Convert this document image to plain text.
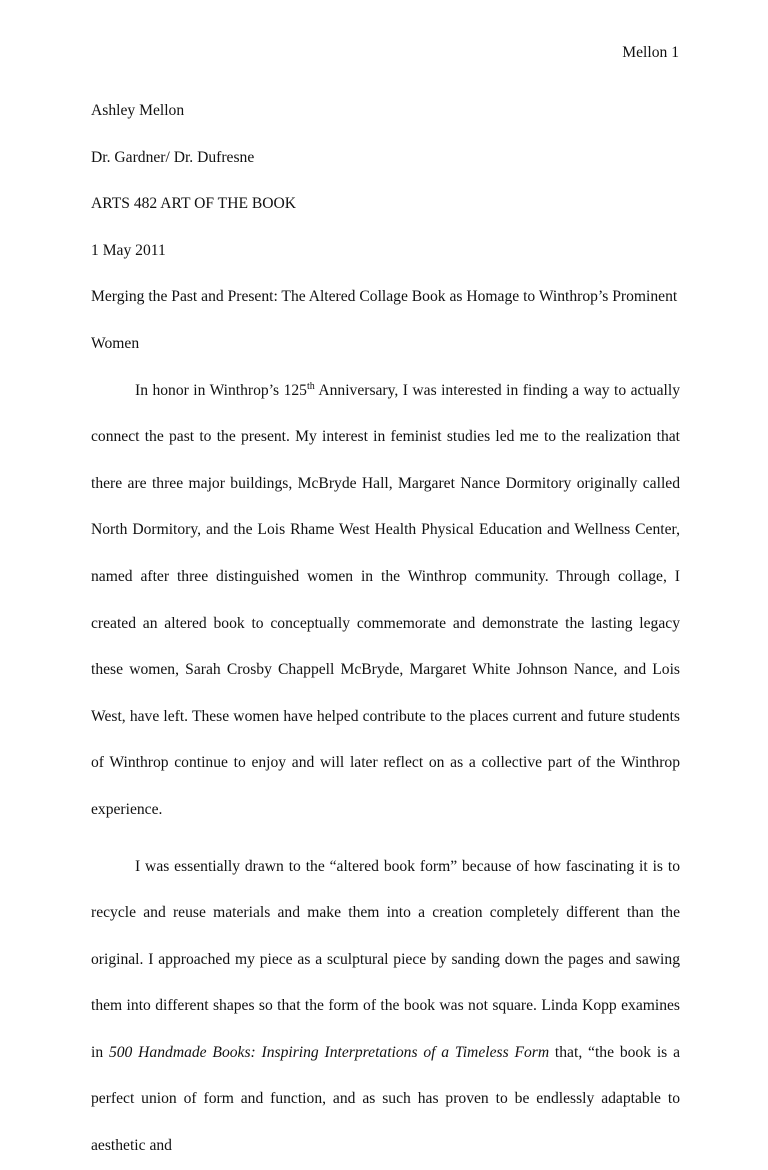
Mellon 1

Ashley Mellon

Dr. Gardner/ Dr. Dufresne

ARTS 482 ART OF THE BOOK

1 May 2011

Merging the Past and Present: The Altered Collage Book as Homage to Winthrop’s Prominent Women

In honor in Winthrop’s 125th Anniversary, I was interested in finding a way to actually connect the past to the present. My interest in feminist studies led me to the realization that there are three major buildings, McBryde Hall, Margaret Nance Dormitory originally called North Dormitory, and the Lois Rhame West Health Physical Education and Wellness Center, named after three distinguished women in the Winthrop community. Through collage, I created an altered book to conceptually commemorate and demonstrate the lasting legacy these women, Sarah Crosby Chappell McBryde, Margaret White Johnson Nance, and Lois West, have left. These women have helped contribute to the places current and future students of Winthrop continue to enjoy and will later reflect on as a collective part of the Winthrop experience.

I was essentially drawn to the “altered book form” because of how fascinating it is to recycle and reuse materials and make them into a creation completely different than the original. I approached my piece as a sculptural piece by sanding down the pages and sawing them into different shapes so that the form of the book was not square. Linda Kopp examines in 500 Handmade Books: Inspiring Interpretations of a Timeless Form that, “the book is a perfect union of form and function, and as such has proven to be endlessly adaptable to aesthetic and
